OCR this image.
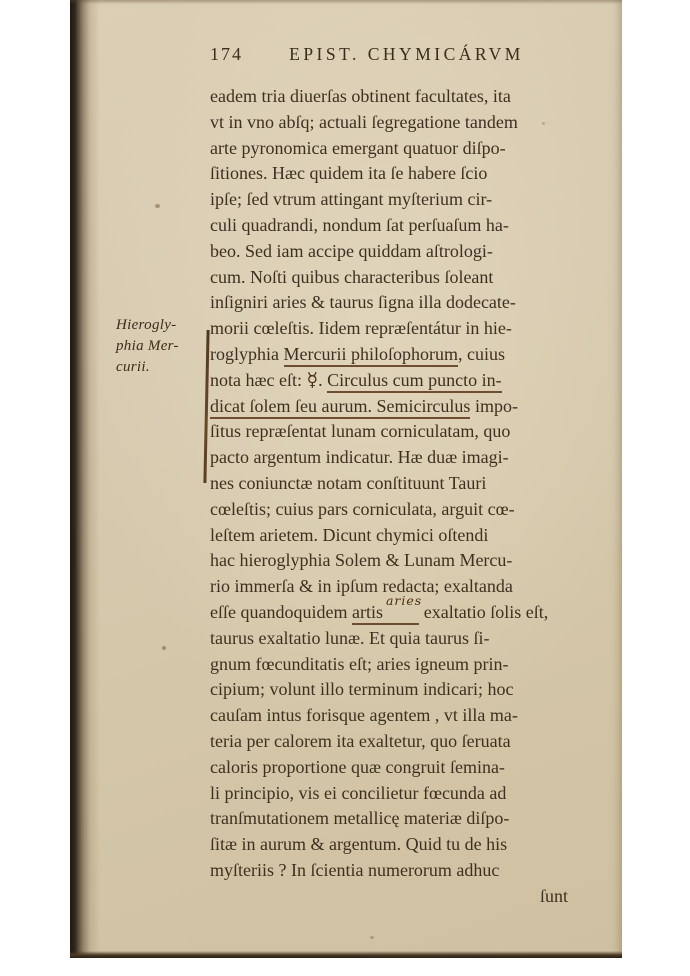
174	EPIST. CHYMICÁRVM
Hierogly-
phia Mer-
curii.
eadem tria diuerſas obtinent facultates, ita
vt in vno abſq; actuali ſegregatione tandem
arte pyronomica emergant quatuor diſpo-
ſitiones. Hæc quidem ita ſe habere ſcio
ipſe; ſed vtrum attingant myſterium cir-
culi quadrandi, nondum ſat perſuaſum ha-
beo. Sed iam accipe quiddam aſtrologi-
cum. Noſti quibus characteribus ſoleant
inſigniri aries & taurus ſigna illa dodecate-
morii cœleſtis. Iidem repræſentátur in hie-
roglyphia Mercurii philoſophorum, cuius
nota hæc eſt: ☿. Circulus cum puncto in-
dicat ſolem ſeu aurum. Semicirculus impo-
ſitus repræſentat lunam corniculatam, quo
pacto argentum indicatur. Hæ duæ imagi-
nes coniunctæ notam conſtituunt Tauri
cœleſtis; cuius pars corniculata, arguit cœ-
leſtem arietem. Dicunt chymici oſtendi
hac hieroglyphia Solem & Lunam Mercu-
rio immerſa & in ipſum redacta; exaltanda
eſſe quandoquidem artis$^{aries}$ exaltatio ſolis eſt,
taurus exaltatio lunæ. Et quia taurus ſi-
gnum fœcunditatis eſt; aries igneum prin-
cipium; volunt illo terminum indicari; hoc
cauſam intus forisque agentem , vt illa ma-
teria per calorem ita exaltetur, quo ſeruata
caloris proportione quæ congruit ſemina-
li principio, vis ei concilietur fœcunda ad
tranſmutationem metallicę materiæ diſpo-
ſitæ in aurum & argentum. Quid tu de his
myſteriis ? In ſcientia numerorum adhuc
ſunt
